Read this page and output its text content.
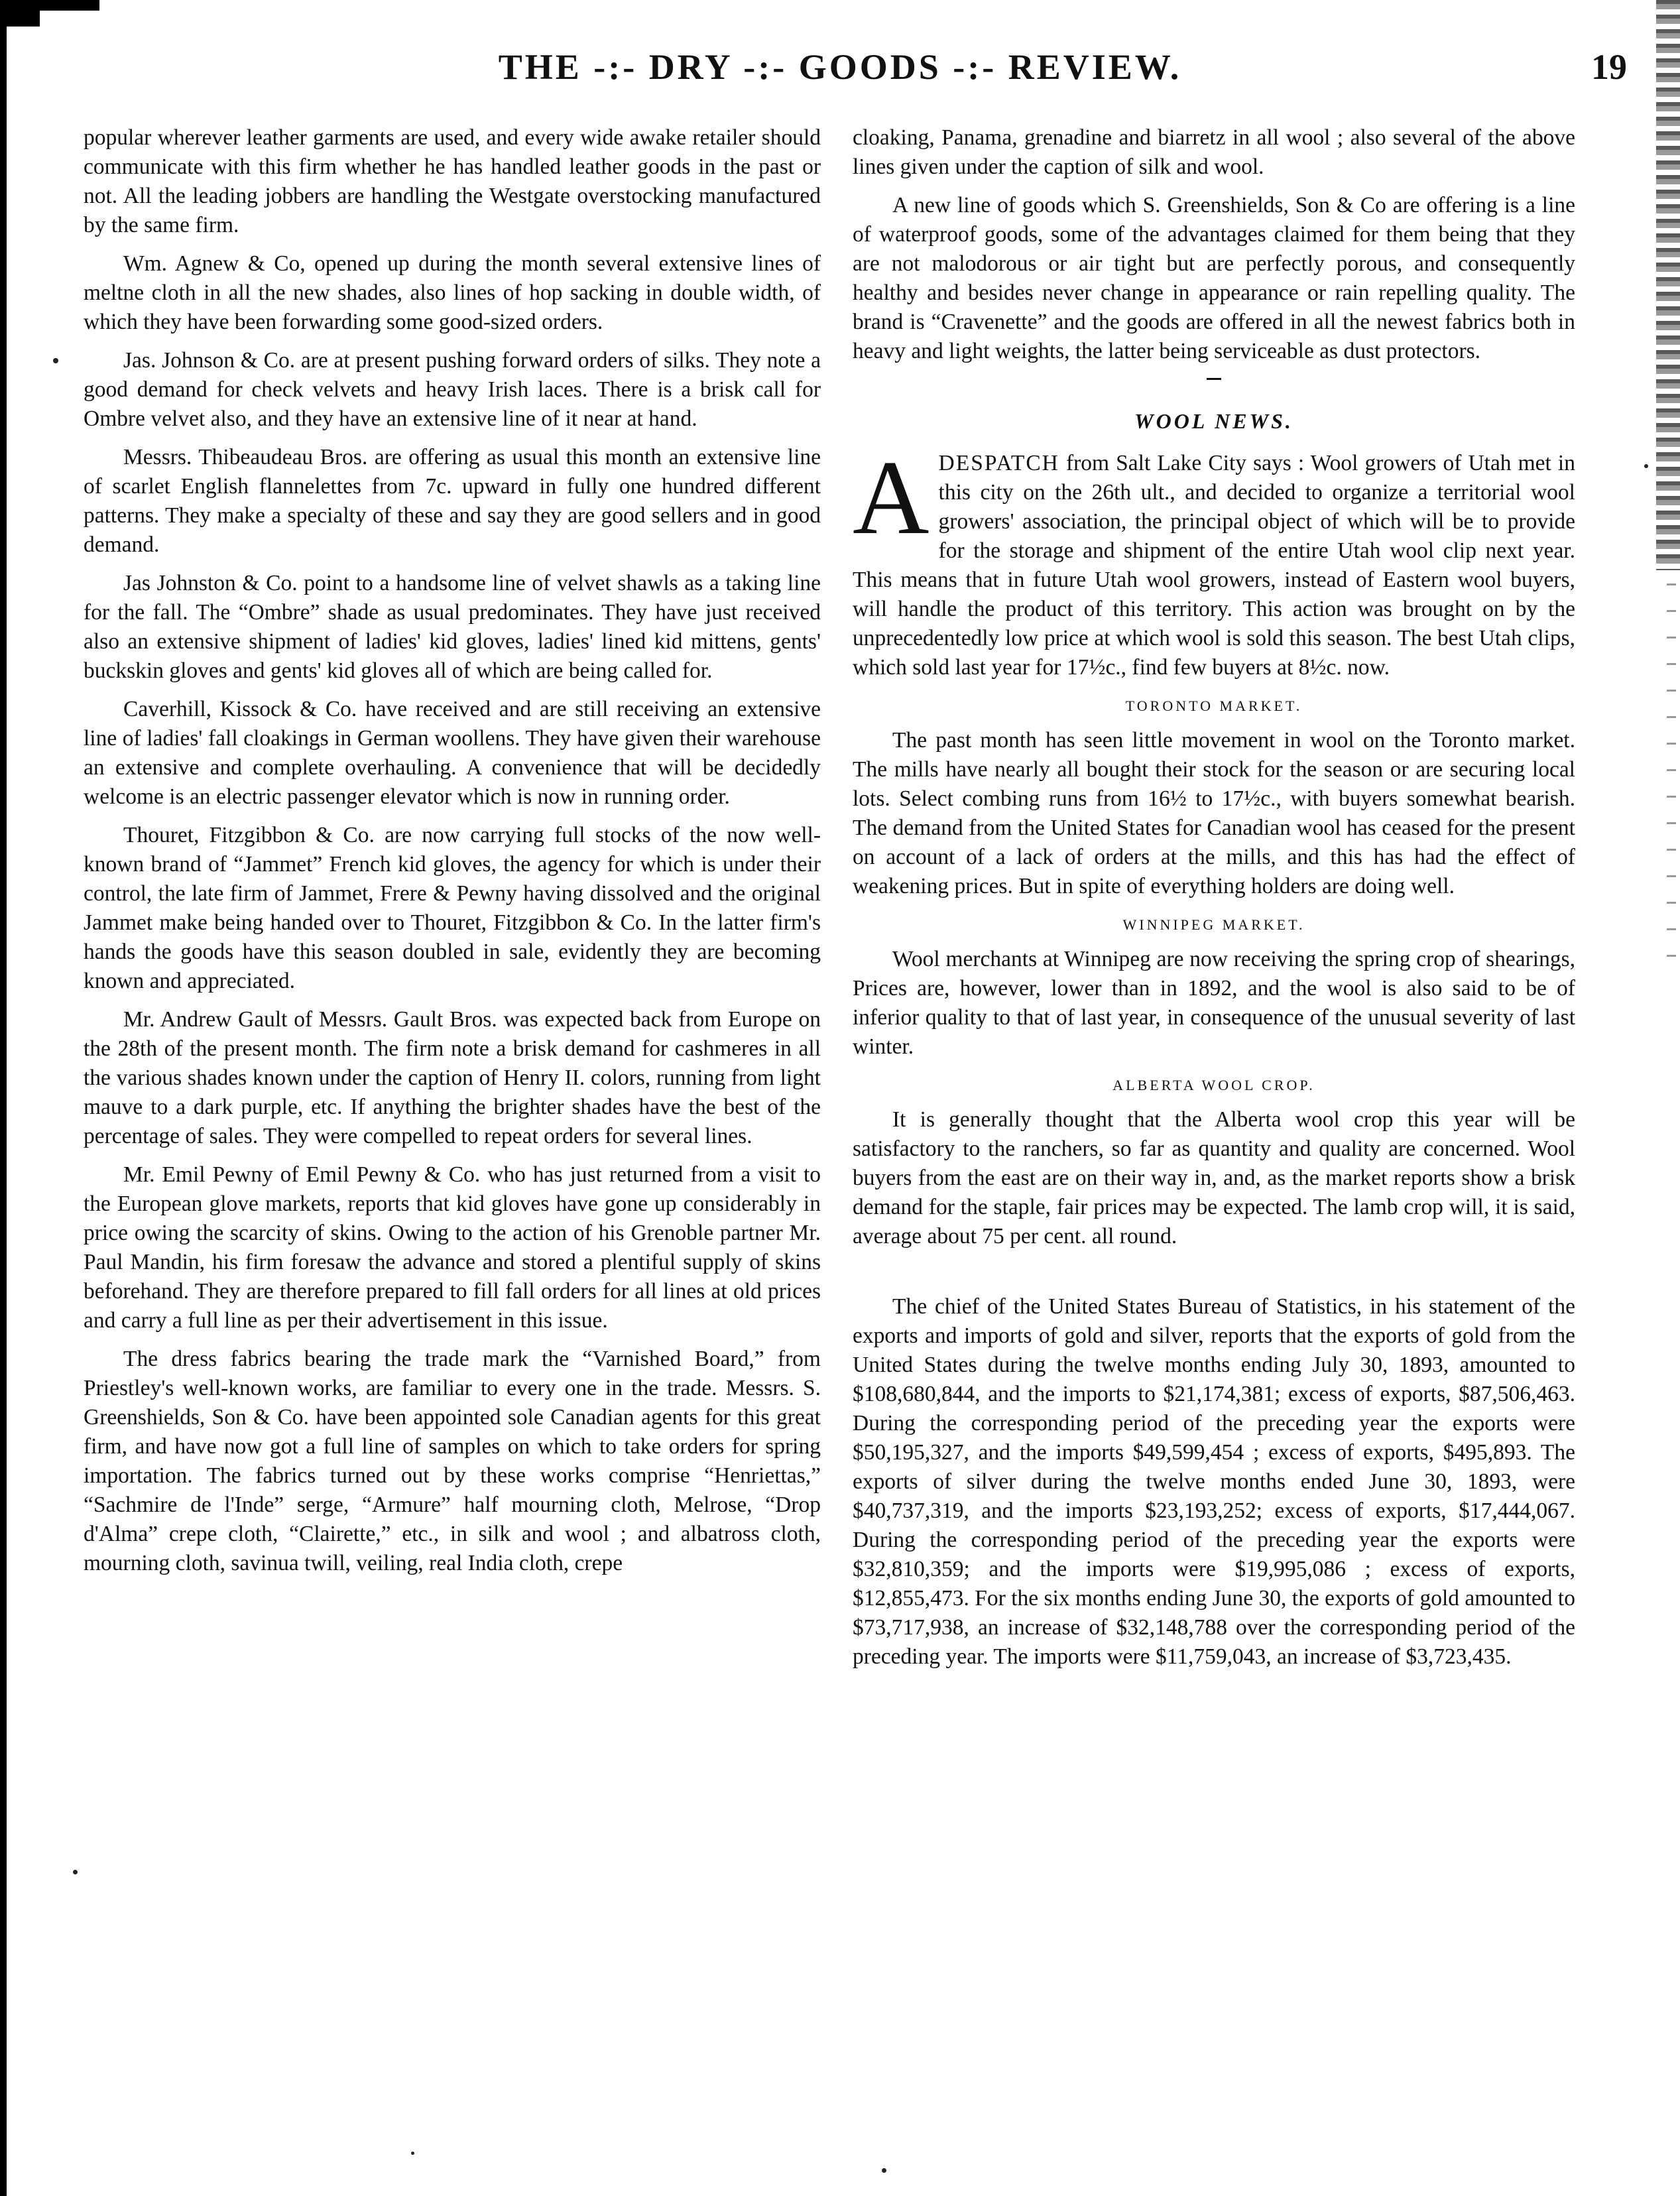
THE -:- DRY -:- GOODS -:- REVIEW.	19

popular wherever leather garments are used, and every wide awake retailer should communicate with this firm whether he has handled leather goods in the past or not. All the leading jobbers are handling the Westgate overstocking manufactured by the same firm.

Wm. Agnew & Co, opened up during the month several extensive lines of meltne cloth in all the new shades, also lines of hop sacking in double width, of which they have been forwarding some good-sized orders.

Jas. Johnson & Co. are at present pushing forward orders of silks. They note a good demand for check velvets and heavy Irish laces. There is a brisk call for Ombre velvet also, and they have an extensive line of it near at hand.

Messrs. Thibeaudeau Bros. are offering as usual this month an extensive line of scarlet English flannelettes from 7c. upward in fully one hundred different patterns. They make a specialty of these and say they are good sellers and in good demand.

Jas Johnston & Co. point to a handsome line of velvet shawls as a taking line for the fall. The “Ombre” shade as usual predominates. They have just received also an extensive shipment of ladies' kid gloves, ladies' lined kid mittens, gents' buckskin gloves and gents' kid gloves all of which are being called for.

Caverhill, Kissock & Co. have received and are still receiving an extensive line of ladies' fall cloakings in German woollens. They have given their warehouse an extensive and complete overhauling. A convenience that will be decidedly welcome is an electric passenger elevator which is now in running order.

Thouret, Fitzgibbon & Co. are now carrying full stocks of the now well-known brand of “Jammet” French kid gloves, the agency for which is under their control, the late firm of Jammet, Frere & Pewny having dissolved and the original Jammet make being handed over to Thouret, Fitzgibbon & Co. In the latter firm's hands the goods have this season doubled in sale, evidently they are becoming known and appreciated.

Mr. Andrew Gault of Messrs. Gault Bros. was expected back from Europe on the 28th of the present month. The firm note a brisk demand for cashmeres in all the various shades known under the caption of Henry II. colors, running from light mauve to a dark purple, etc. If anything the brighter shades have the best of the percentage of sales. They were compelled to repeat orders for several lines.

Mr. Emil Pewny of Emil Pewny & Co. who has just returned from a visit to the European glove markets, reports that kid gloves have gone up considerably in price owing the scarcity of skins. Owing to the action of his Grenoble partner Mr. Paul Mandin, his firm foresaw the advance and stored a plentiful supply of skins beforehand. They are therefore prepared to fill fall orders for all lines at old prices and carry a full line as per their advertisement in this issue.

The dress fabrics bearing the trade mark the “Varnished Board,” from Priestley's well-known works, are familiar to every one in the trade. Messrs. S. Greenshields, Son & Co. have been appointed sole Canadian agents for this great firm, and have now got a full line of samples on which to take orders for spring importation. The fabrics turned out by these works comprise “Henriettas,” “Sachmire de l'Inde” serge, “Armure” half mourning cloth, Melrose, “Drop d'Alma” crepe cloth, “Clairette,” etc., in silk and wool ; and albatross cloth, mourning cloth, savinua twill, veiling, real India cloth, crepe

cloaking, Panama, grenadine and biarretz in all wool ; also several of the above lines given under the caption of silk and wool.

A new line of goods which S. Greenshields, Son & Co are offering is a line of waterproof goods, some of the advantages claimed for them being that they are not malodorous or air tight but are perfectly porous, and consequently healthy and besides never change in appearance or rain repelling quality. The brand is “Cravenette” and the goods are offered in all the newest fabrics both in heavy and light weights, the latter being serviceable as dust protectors.

WOOL NEWS.

ADESPATCH from Salt Lake City says : Wool growers of Utah met in this city on the 26th ult., and decided to organize a territorial wool growers' association, the principal object of which will be to provide for the storage and shipment of the entire Utah wool clip next year. This means that in future Utah wool growers, instead of Eastern wool buyers, will handle the product of this territory. This action was brought on by the unprecedentedly low price at which wool is sold this season. The best Utah clips, which sold last year for 17½c., find few buyers at 8½c. now.

TORONTO MARKET.

The past month has seen little movement in wool on the Toronto market. The mills have nearly all bought their stock for the season or are securing local lots. Select combing runs from 16½ to 17½c., with buyers somewhat bearish. The demand from the United States for Canadian wool has ceased for the present on account of a lack of orders at the mills, and this has had the effect of weakening prices. But in spite of everything holders are doing well.

WINNIPEG MARKET.

Wool merchants at Winnipeg are now receiving the spring crop of shearings, Prices are, however, lower than in 1892, and the wool is also said to be of inferior quality to that of last year, in consequence of the unusual severity of last winter.

ALBERTA WOOL CROP.

It is generally thought that the Alberta wool crop this year will be satisfactory to the ranchers, so far as quantity and quality are concerned. Wool buyers from the east are on their way in, and, as the market reports show a brisk demand for the staple, fair prices may be expected. The lamb crop will, it is said, average about 75 per cent. all round.

The chief of the United States Bureau of Statistics, in his statement of the exports and imports of gold and silver, reports that the exports of gold from the United States during the twelve months ending July 30, 1893, amounted to $108,680,844, and the imports to $21,174,381; excess of exports, $87,506,463. During the corresponding period of the preceding year the exports were $50,195,327, and the imports $49,599,454 ; excess of exports, $495,893. The exports of silver during the twelve months ended June 30, 1893, were $40,737,319, and the imports $23,193,252; excess of exports, $17,444,067. During the corresponding period of the preceding year the exports were $32,810,359; and the imports were $19,995,086 ; excess of exports, $12,855,473. For the six months ending June 30, the exports of gold amounted to $73,717,938, an increase of $32,148,788 over the corresponding period of the preceding year. The imports were $11,759,043, an increase of $3,723,435.
